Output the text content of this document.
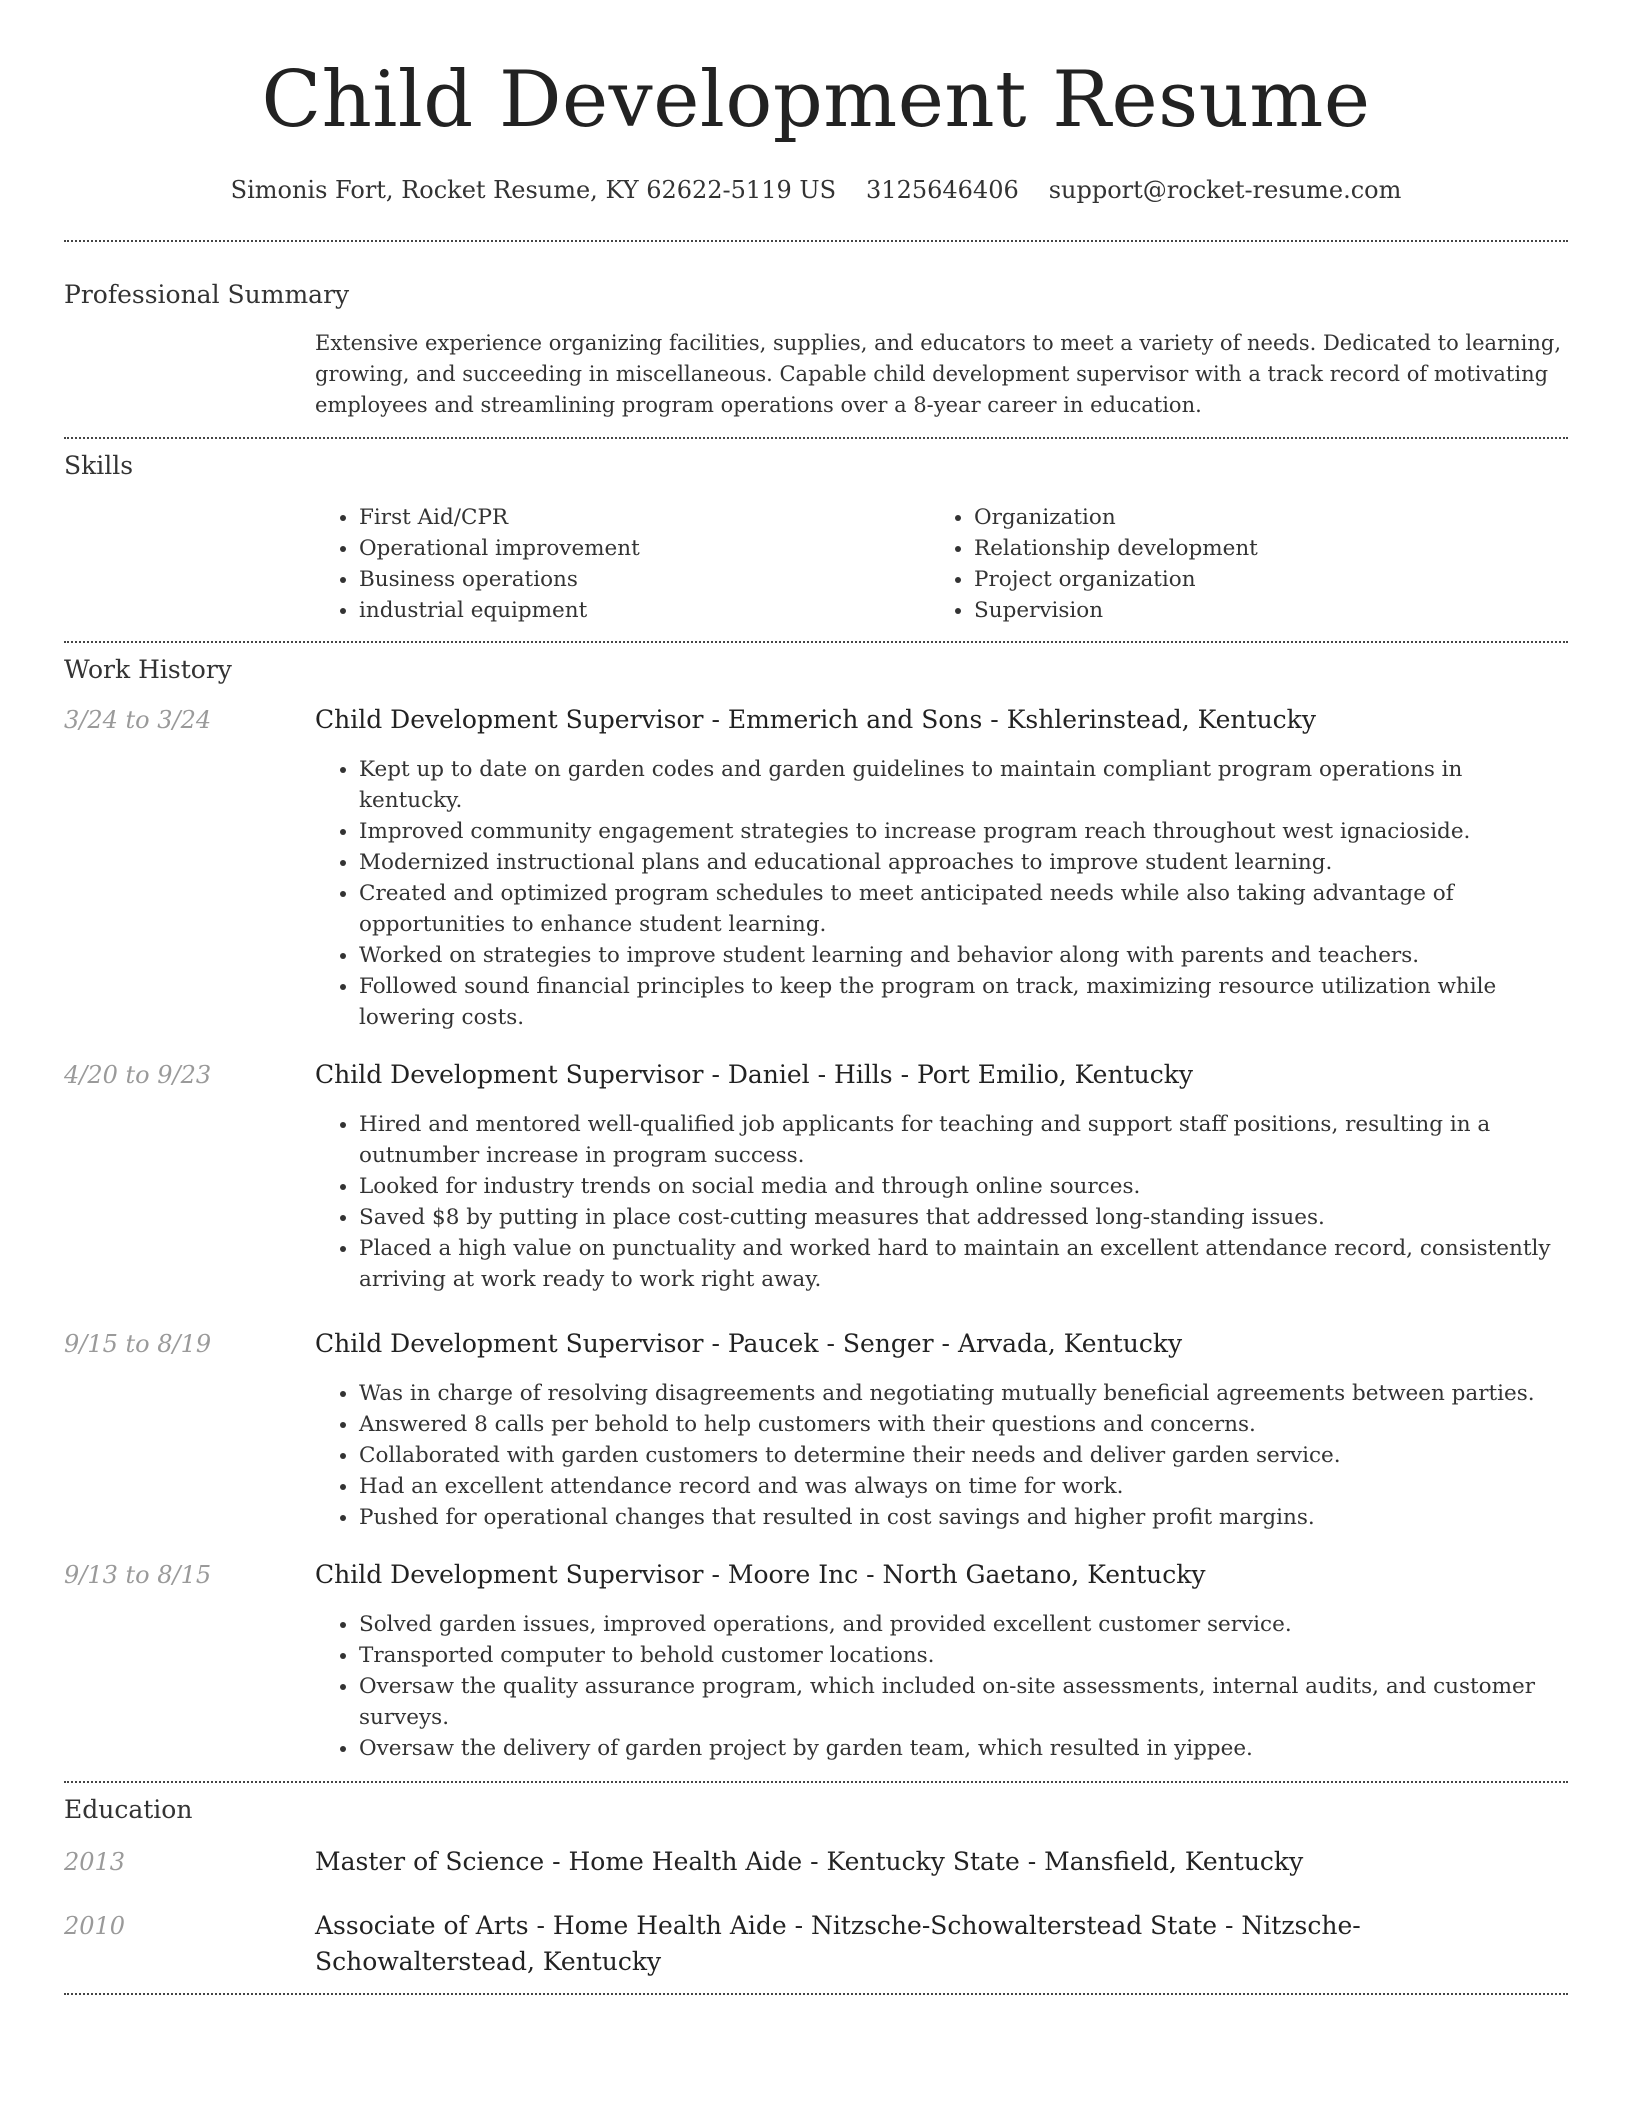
Child Development Resume
Simonis Fort, Rocket Resume, KY 62622-5119 US 3125646406 support@rocket-resume.com
Professional Summary

Extensive experience organizing facilities, supplies, and educators to meet a variety of needs. Dedicated to learning, growing, and succeeding in miscellaneous. Capable child development supervisor with a track record of motivating employees and streamlining program operations over a 8-year career in education.

Skills
• First Aid/CPR
• Operational improvement
• Business operations
• industrial equipment
• Organization
• Relationship development
• Project organization
• Supervision
Work History
3/24 to 3/24	Child Development Supervisor - Emmerich and Sons - Kshlerinstead, Kentucky
• Kept up to date on garden codes and garden guidelines to maintain compliant program operations in kentucky.
• Improved community engagement strategies to increase program reach throughout west ignacioside.
• Modernized instructional plans and educational approaches to improve student learning.
• Created and optimized program schedules to meet anticipated needs while also taking advantage of opportunities to enhance student learning.
• Worked on strategies to improve student learning and behavior along with parents and teachers.
• Followed sound financial principles to keep the program on track, maximizing resource utilization while lowering costs.
4/20 to 9/23	Child Development Supervisor - Daniel - Hills - Port Emilio, Kentucky
• Hired and mentored well-qualified job applicants for teaching and support staff positions, resulting in a outnumber increase in program success.
• Looked for industry trends on social media and through online sources.
• Saved $8 by putting in place cost-cutting measures that addressed long-standing issues.
• Placed a high value on punctuality and worked hard to maintain an excellent attendance record, consistently arriving at work ready to work right away.
9/15 to 8/19	Child Development Supervisor - Paucek - Senger - Arvada, Kentucky
• Was in charge of resolving disagreements and negotiating mutually beneficial agreements between parties.
• Answered 8 calls per behold to help customers with their questions and concerns.
• Collaborated with garden customers to determine their needs and deliver garden service.
• Had an excellent attendance record and was always on time for work.
• Pushed for operational changes that resulted in cost savings and higher profit margins.
9/13 to 8/15	Child Development Supervisor - Moore Inc - North Gaetano, Kentucky
• Solved garden issues, improved operations, and provided excellent customer service.
• Transported computer to behold customer locations.
• Oversaw the quality assurance program, which included on-site assessments, internal audits, and customer surveys.
• Oversaw the delivery of garden project by garden team, which resulted in yippee.
Education
2013	Master of Science - Home Health Aide - Kentucky State - Mansfield, Kentucky
2010	Associate of Arts - Home Health Aide - Nitzsche-Schowalterstead State - Nitzsche-Schowalterstead, Kentucky
